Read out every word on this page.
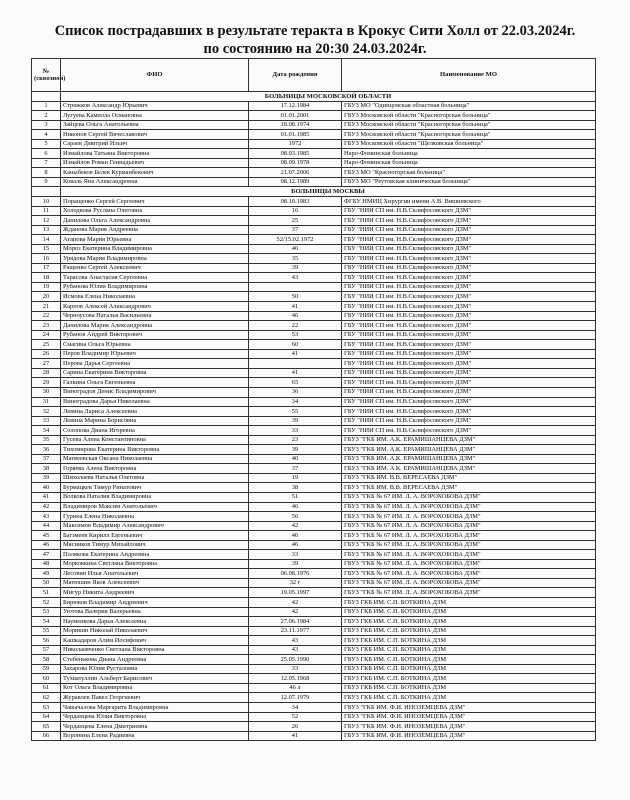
Список пострадавших в результате теракта в Крокус Сити Холл от 22.03.2024г.
по состоянию на 20:30 24.03.2024г.
№ (сквозной)	ФИО	Дата рождения	Наименование МО
	БОЛЬНИЦЫ МОСКОВСКОЙ ОБЛАСТИ		
1	Стрижков Александр Юрьевич	17.12.1984	ГБУЗ МО "Одинцовская областная больница"
2	Лугуева Камилла Османовна	01.01.2001	ГБУЗ Московской области "Красногорская больница"
3	Зайцева Ольга Анатольевна	18.08.1974	ГБУЗ Московской области "Красногорская больница"
4	Никонов Сергей Вячеславович	01.01.1985	ГБУЗ Московской области "Красногорская больница"
5	Сараев Дмитрий Ильич	1972	ГБУЗ Московской области "Щелковская больница"
6	Измайлова Татьяна Викторовна	08.03.1985	Наро-Фоминская больница
7	Измайлов Роман Геннадьевич	08.09.1978	Наро-Фоминская больница
8	Каныбеков Белек Курманбекович	21.07.2006	ГБУЗ МО "Красногорская больница"
9	Коваль Яна Александровна	08.12.1989	ГБУЗ МО "Реутовская клиническая больница"
	БОЛЬНИЦЫ МОСКВЫ		
10	Поращенко Сергей Сергеевич	08.10.1983	ФГБУ НМИЦ Хирургии имени А.В. Вишневского
11	Холодкова Руслана Олеговна	16	ГБУ "НИИ СП им. Н.В.Склифосовского ДЗМ"
12	Данилова Ольга Александровна	25	ГБУ "НИИ СП им. Н.В.Склифосовского ДЗМ"
13	Жданова Мария Андреевна	37	ГБУ "НИИ СП им. Н.В.Склифосовского ДЗМ"
14	Агапова Мария Юрьевна	52/15.02.1972	ГБУ "НИИ СП им. Н.В.Склифосовского ДЗМ"
15	Мороз Екатерина Владимировна	46	ГБУ "НИИ СП им. Н.В.Склифосовского ДЗМ"
16	Урядова Мария Владимировна	35	ГБУ "НИИ СП им. Н.В.Склифосовского ДЗМ"
17	Ращенко Сергей Алексеевич	39	ГБУ "НИИ СП им. Н.В.Склифосовского ДЗМ"
18	Тарасова Анастасия Сергеевна	43	ГБУ "НИИ СП им. Н.В.Склифосовского ДЗМ"
19	Рубанова Юлия Владимировна		ГБУ "НИИ СП им. Н.В.Склифосовского ДЗМ"
20	Исмова Елена Николаевна	50	ГБУ "НИИ СП им. Н.В.Склифосовского ДЗМ"
21	Карпов Алексей Александрович	41	ГБУ "НИИ СП им. Н.В.Склифосовского ДЗМ"
22	Черноусова Наталья Васильевна	46	ГБУ "НИИ СП им. Н.В.Склифосовского ДЗМ"
23	Данилова Мария Александровна	22	ГБУ "НИИ СП им. Н.В.Склифосовского ДЗМ"
24	Рубанов Андрей Викторович	53	ГБУ "НИИ СП им. Н.В.Склифосовского ДЗМ"
25	Смагина Ольга Юрьевна	60	ГБУ "НИИ СП им. Н.В.Склифосовского ДЗМ"
26	Перов Владимир Юрьевич	41	ГБУ "НИИ СП им. Н.В.Склифосовского ДЗМ"
27	Перова Дарья Сергеевна		ГБУ "НИИ СП им. Н.В.Склифосовского ДЗМ"
28	Сарина Екатерина Викторовна	41	ГБУ "НИИ СП им. Н.В.Склифосовского ДЗМ"
29	Галкина Ольга Евгеньевна	65	ГБУ "НИИ СП им. Н.В.Склифосовского ДЗМ"
30	Виноградов Денис Владимирович	36	ГБУ "НИИ СП им. Н.В.Склифосовского ДЗМ"
31	Виноградова Дарья Николаевна	34	ГБУ "НИИ СП им. Н.В.Склифосовского ДЗМ"
32	Левина Лариса Алексеевна	55	ГБУ "НИИ СП им. Н.В.Склифосовского ДЗМ"
33	Левина Марина Борисовна	39	ГБУ "НИИ СП им. Н.В.Склифосовского ДЗМ"
34	Солопова Диана Игоревна	33	ГБУ "НИИ СП им. Н.В.Склифосовского ДЗМ"
35	Гусева Алена Константиновна	23	ГБУЗ "ГКБ ИМ. А.К. ЕРАМИШАНЦЕВА ДЗМ"
36	Тихомирова Екатерина Викторовна	39	ГБУЗ "ГКБ ИМ. А.К. ЕРАМИШАНЦЕВА ДЗМ"
37	Матвеевская Оксана Николаевна	40	ГБУЗ "ГКБ ИМ. А.К. ЕРАМИШАНЦЕВА ДЗМ"
38	Горяева Алена Викторовна	37	ГБУЗ "ГКБ ИМ. А.К. ЕРАМИШАНЦЕВА ДЗМ"
39	Шихолаева Наталья Олеговна	19	ГБУЗ "ГКБ ИМ. В.В. ВЕРЕСАЕВА ДЗМ"
40	Бурмацкев Тимур Ринатович	38	ГБУЗ "ГКБ ИМ. В.В. ВЕРЕСАЕВА ДЗМ"
41	Волкова Наталия Владимировна	51	ГБУЗ "ГКБ № 67 ИМ. Л. А. ВОРОХОБОВА ДЗМ"
42	Владимиров Максим Анатольевич	46	ГБУЗ "ГКБ № 67 ИМ. Л. А. ВОРОХОБОВА ДЗМ"
43	Гурина Елена Николаевна	56	ГБУЗ "ГКБ № 67 ИМ. Л. А. ВОРОХОБОВА ДЗМ"
44	Максимов Владимир Александрович	42	ГБУЗ "ГКБ № 67 ИМ. Л. А. ВОРОХОБОВА ДЗМ"
45	Багзмеев Кирилл Евгеньевич	46	ГБУЗ "ГКБ № 67 ИМ. Л. А. ВОРОХОБОВА ДЗМ"
46	Мясников Тимур Михайлович	46	ГБУЗ "ГКБ № 67 ИМ. Л. А. ВОРОХОБОВА ДЗМ"
47	Полякова Екатерина Андреевна	33	ГБУЗ "ГКБ № 67 ИМ. Л. А. ВОРОХОБОВА ДЗМ"
48	Морковкина Светлана Викторовна	39	ГБУЗ "ГКБ № 67 ИМ. Л. А. ВОРОХОБОВА ДЗМ"
49	Лесовин Илья Анатольевич	06.08.1976	ГБУЗ "ГКБ № 67 ИМ. Л. А. ВОРОХОБОВА ДЗМ"
50	Матюшин Яков Алексеевич	32 г	ГБУЗ "ГКБ № 67 ИМ. Л. А. ВОРОХОБОВА ДЗМ"
51	Мигур Никита Андреевич	19.05.1997	ГБУЗ "ГКБ № 67 ИМ. Л. А. ВОРОХОБОВА ДЗМ"
52	Бирюков Владимир Андреевич	42	ГБУЗ ГКБ ИМ. С.П. БОТКИНА ДЗМ
53	Уютова Валерия Валерьевна	42	ГБУЗ ГКБ ИМ. С.П. БОТКИНА ДЗМ
54	Науменкова Дарья Алексеевна	27.06.1984	ГБУЗ ГКБ ИМ. С.П. БОТКИНА ДЗМ
55	Морикин Николай Николаевич	23.11.1977	ГБУЗ ГКБ ИМ. С.П. БОТКИНА ДЗМ
56	Кашкадаров Алим Иосифович	43	ГБУЗ ГКБ ИМ. С.П. БОТКИНА ДЗМ
57	Николаевченко Светлана Викторовна	43	ГБУЗ ГКБ ИМ. С.П. БОТКИНА ДЗМ
58	Стебенькова Диана Андреевна	25.05.1990	ГБУЗ ГКБ ИМ. С.П. БОТКИНА ДЗМ
59	Захарова Юлия Русталовна	33	ГБУЗ ГКБ ИМ. С.П. БОТКИНА ДЗМ
60	Тухватуллин Альберт Барисович	12.05.1968	ГБУЗ ГКБ ИМ. С.П. БОТКИНА ДЗМ
61	Кот Ольга Владимировна	46 л	ГБУЗ ГКБ ИМ. С.П. БОТКИНА ДЗМ
62	Журавлев Павел Георгиевич	12.07.1979	ГБУЗ ГКБ ИМ. С.П. БОТКИНА ДЗМ
63	Чавычалова Маргарита Владимировна	34	ГБУЗ "ГКБ ИМ. Ф.И. ИНОЗЕМЦЕВА ДЗМ"
64	Черданцева Юлия Викторовна	52	ГБУЗ "ГКБ ИМ. Ф.И. ИНОЗЕМЦЕВА ДЗМ"
65	Черданцева Елена Дмитриевна	26	ГБУЗ "ГКБ ИМ. Ф.И. ИНОЗЕМЦЕВА ДЗМ"
66	Воронина Елена Радиевна	41	ГБУЗ "ГКБ ИМ. Ф.И. ИНОЗЕМЦЕВА ДЗМ"
